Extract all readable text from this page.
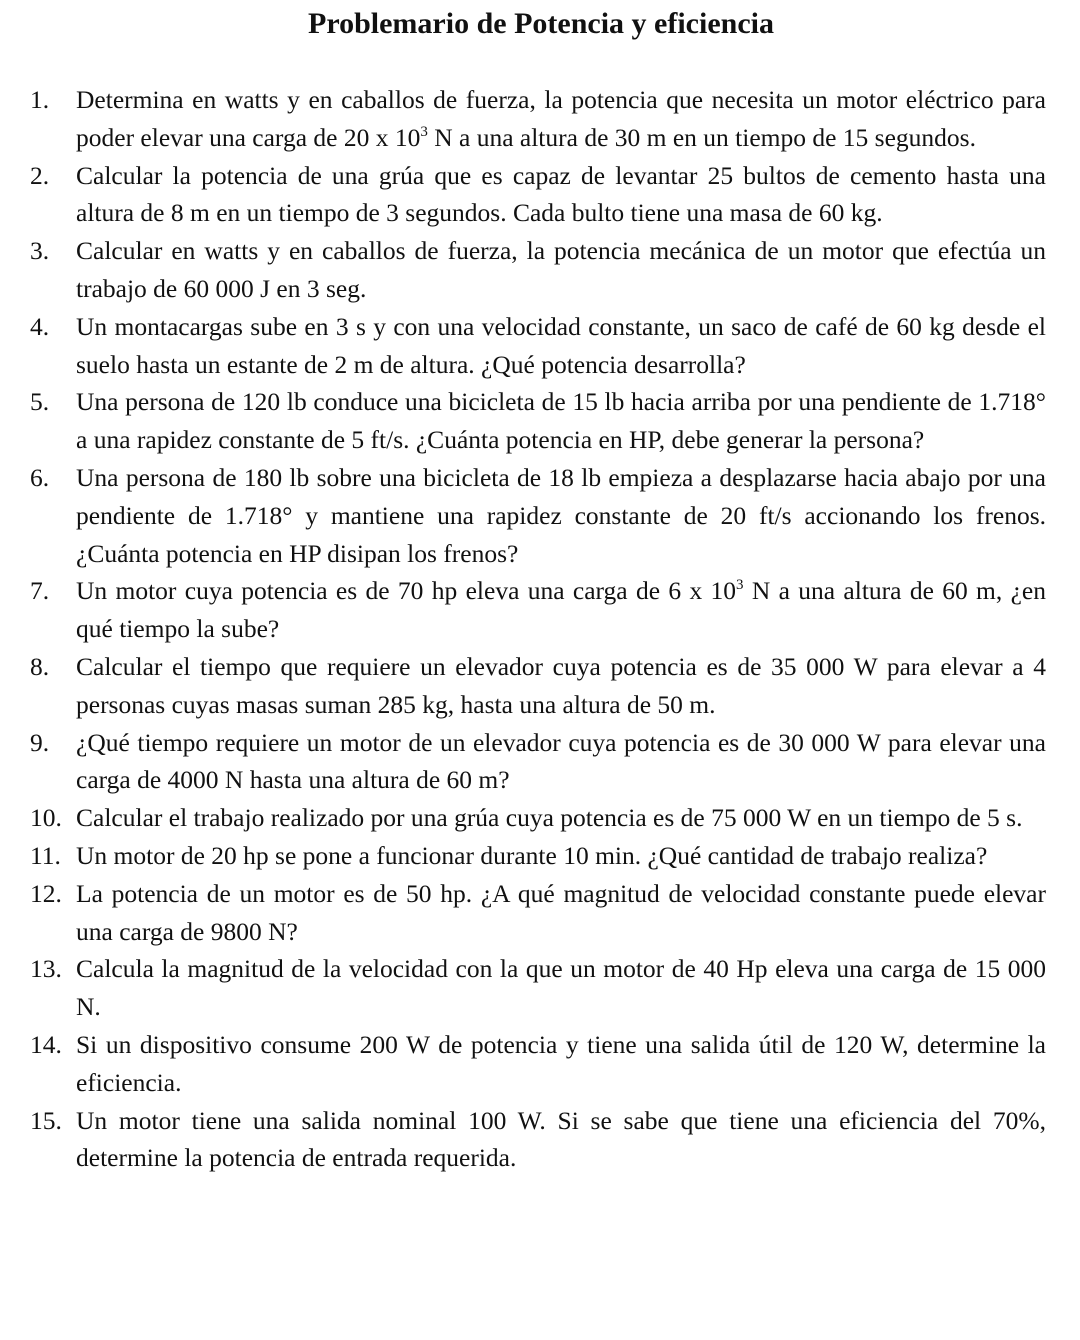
Problemario de Potencia y eficiencia
1.	Determina en watts y en caballos de fuerza, la potencia que necesita un motor eléctrico para poder elevar una carga de 20 x $10^3$ N a una altura de 30 m en un tiempo de 15 segundos.
2.	Calcular la potencia de una grúa que es capaz de levantar 25 bultos de cemento hasta una altura de 8 m en un tiempo de 3 segundos. Cada bulto tiene una masa de 60 kg.
3.	Calcular en watts y en caballos de fuerza, la potencia mecánica de un motor que efectúa un trabajo de 60 000 J en 3 seg.
4.	Un montacargas sube en 3 s y con una velocidad constante, un saco de café de 60 kg desde el suelo hasta un estante de 2 m de altura. ¿Qué potencia desarrolla?
5.	Una persona de 120 lb conduce una bicicleta de 15 lb hacia arriba por una pendiente de 1.718° a una rapidez constante de 5 ft/s. ¿Cuánta potencia en HP, debe generar la persona?
6.	Una persona de 180 lb sobre una bicicleta de 18 lb empieza a desplazarse hacia abajo por una pendiente de 1.718° y mantiene una rapidez constante de 20 ft/s accionando los frenos. ¿Cuánta potencia en HP disipan los frenos?
7.	Un motor cuya potencia es de 70 hp eleva una carga de 6 x $10^3$ N a una altura de 60 m, ¿en qué tiempo la sube?
8.	Calcular el tiempo que requiere un elevador cuya potencia es de 35 000 W para elevar a 4 personas cuyas masas suman 285 kg, hasta una altura de 50 m.
9.	¿Qué tiempo requiere un motor de un elevador cuya potencia es de 30 000 W para elevar una carga de 4000 N hasta una altura de 60 m?
10. Calcular el trabajo realizado por una grúa cuya potencia es de 75 000 W en un tiempo de 5 s.
11. Un motor de 20 hp se pone a funcionar durante 10 min. ¿Qué cantidad de trabajo realiza?
12. La potencia de un motor es de 50 hp. ¿A qué magnitud de velocidad constante puede elevar una carga de 9800 N?
13. Calcula la magnitud de la velocidad con la que un motor de 40 Hp eleva una carga de 15 000 N.
14. Si un dispositivo consume 200 W de potencia y tiene una salida útil de 120 W, determine la eficiencia.
15. Un motor tiene una salida nominal 100 W. Si se sabe que tiene una eficiencia del 70%, determine la potencia de entrada requerida.
